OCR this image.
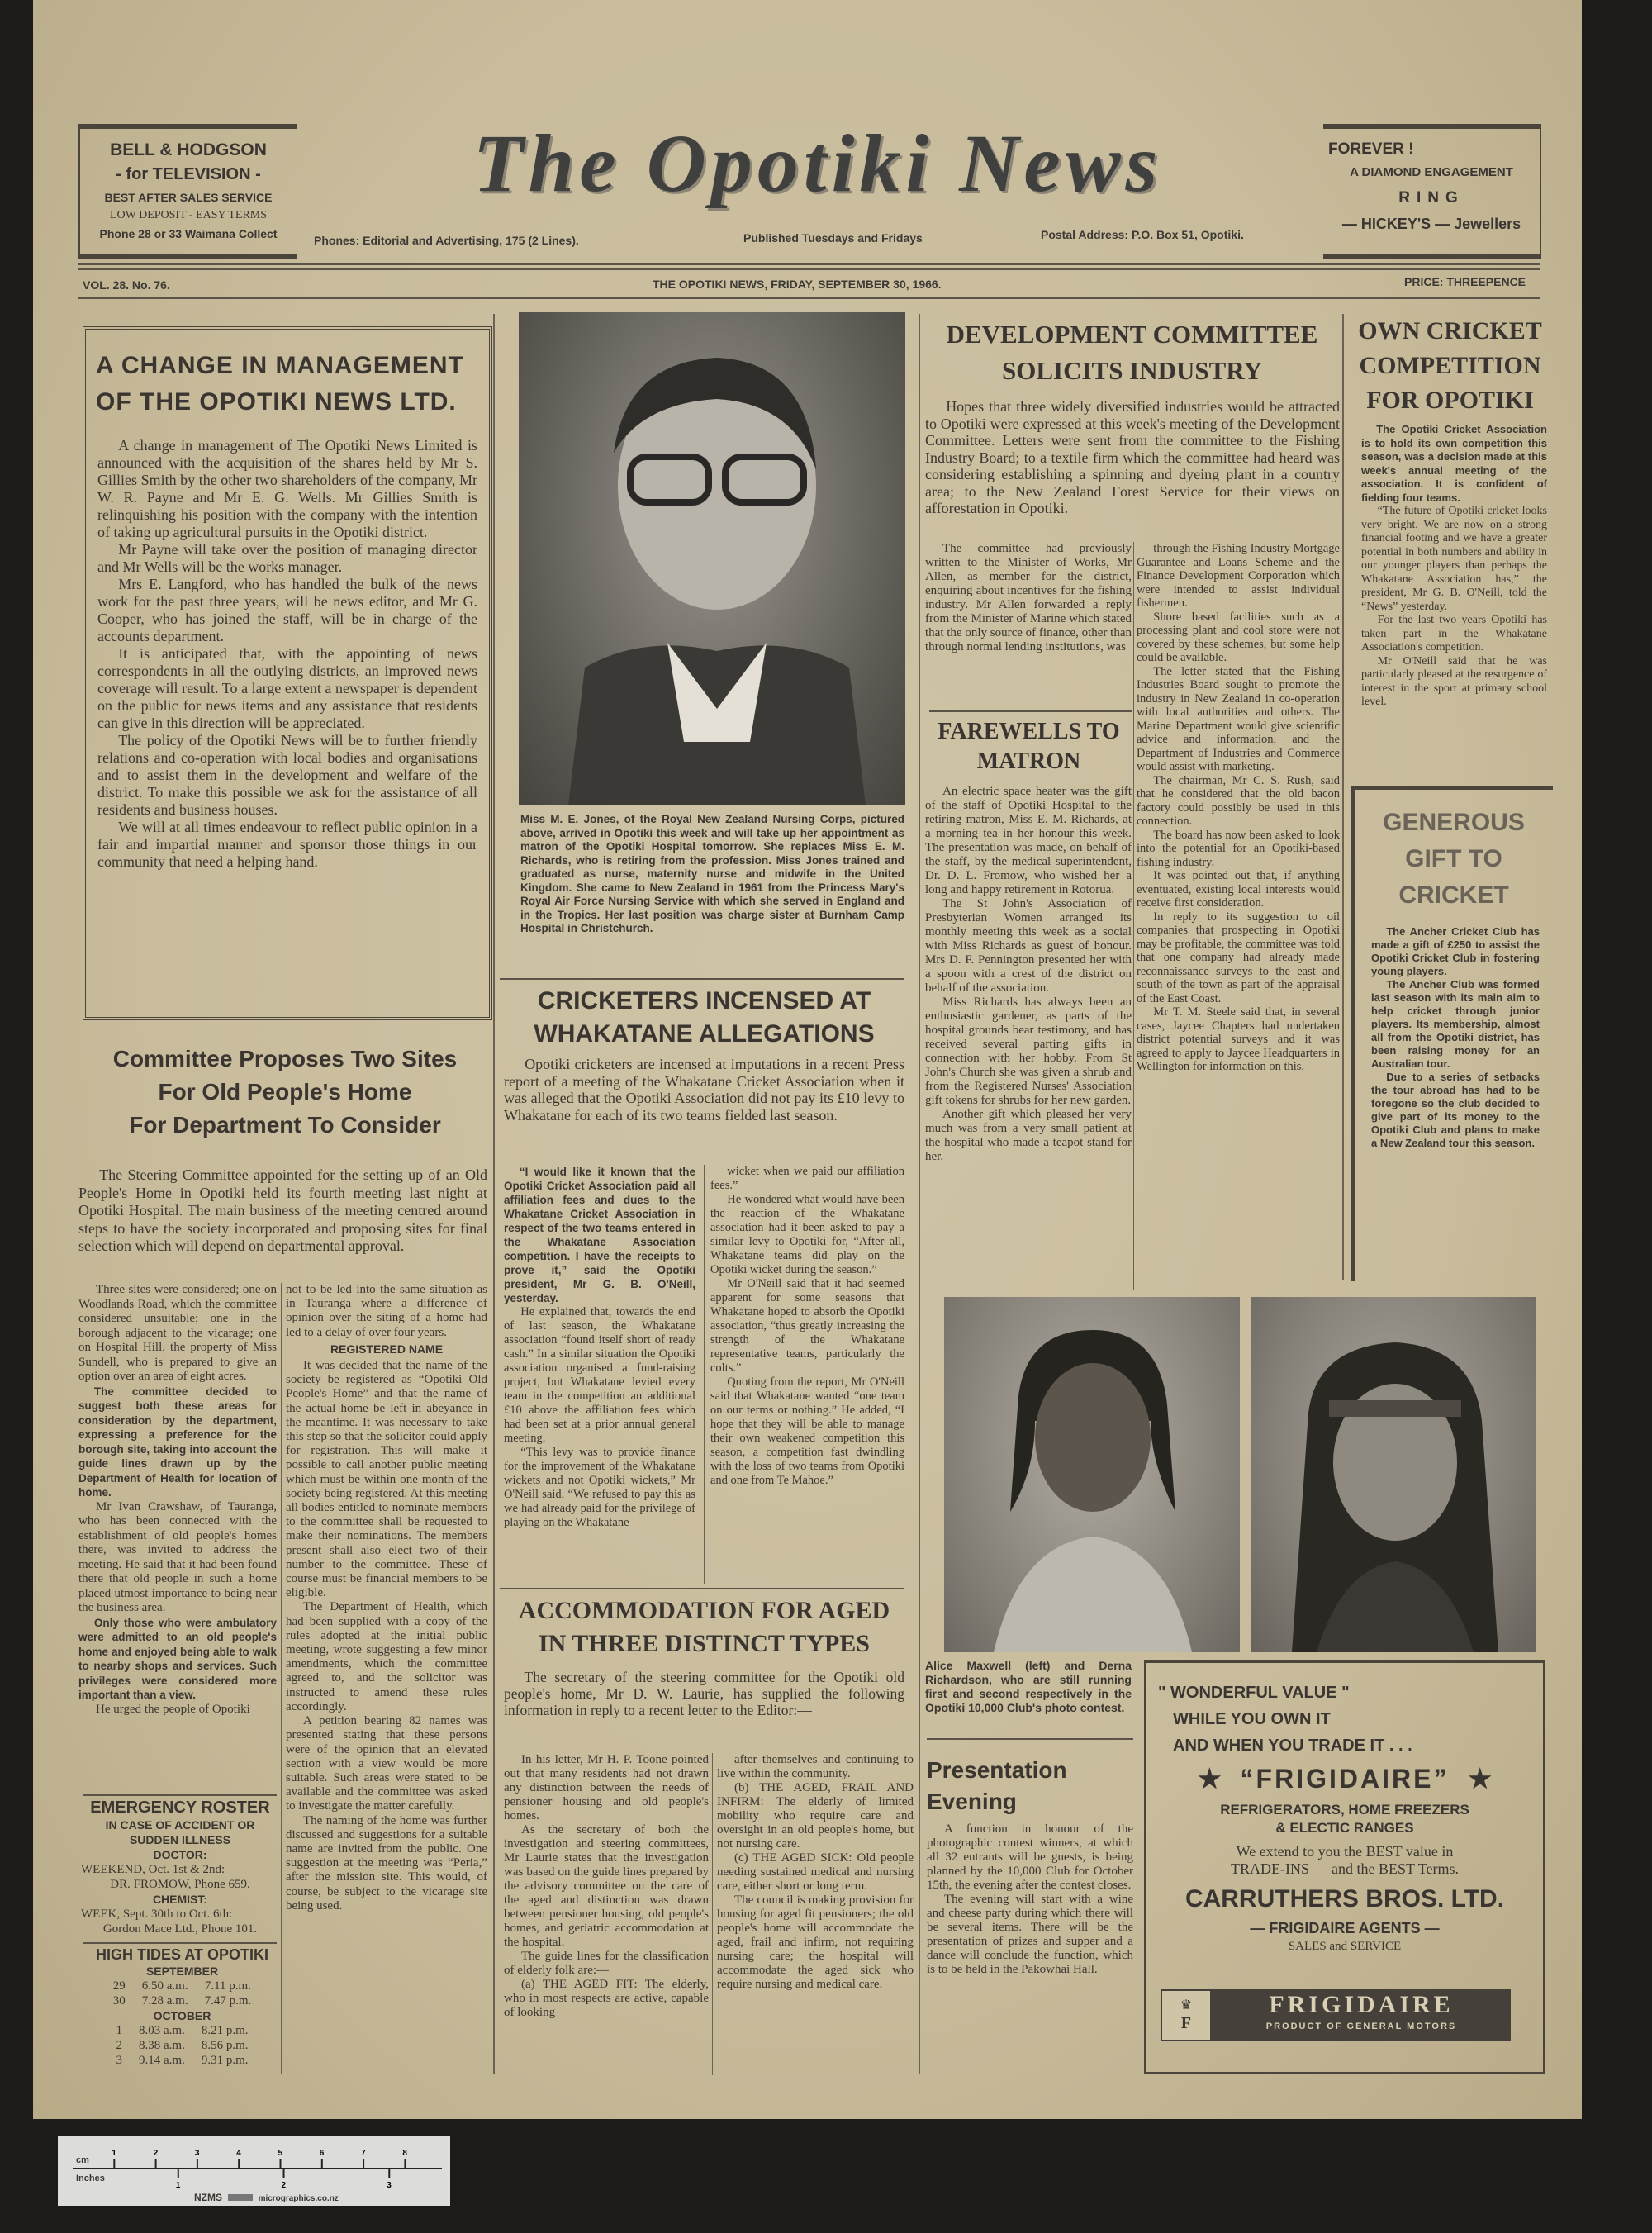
BELL & HODGSON
- for TELEVISION -
BEST AFTER SALES SERVICE
LOW DEPOSIT - EASY TERMS
Phone 28 or 33 Waimana Collect
The Opotiki News
Phones: Editorial and Advertising, 175 (2 Lines).	Published Tuesdays and Fridays	Postal Address: P.O. Box 51, Opotiki.
FOREVER !
A DIAMOND ENGAGEMENT
RING
— HICKEY'S — Jewellers
VOL. 28. No. 76.	THE OPOTIKI NEWS, FRIDAY, SEPTEMBER 30, 1966.	PRICE: THREEPENCE
A CHANGE IN MANAGEMENT OF THE OPOTIKI NEWS LTD.

A change in management of The Opotiki News Limited is announced with the acquisition of the shares held by Mr S. Gillies Smith by the other two shareholders of the company, Mr W. R. Payne and Mr E. G. Wells. Mr Gillies Smith is relinquishing his position with the company with the intention of taking up agricultural pursuits in the Opotiki district.

Mr Payne will take over the position of managing director and Mr Wells will be the works manager.

Mrs E. Langford, who has handled the bulk of the news work for the past three years, will be news editor, and Mr G. Cooper, who has joined the staff, will be in charge of the accounts department.

It is anticipated that, with the appointing of news correspondents in all the outlying districts, an improved news coverage will result. To a large extent a newspaper is dependent on the public for news items and any assistance that residents can give in this direction will be appreciated.

The policy of the Opotiki News will be to further friendly relations and co-operation with local bodies and organisations and to assist them in the development and welfare of the district. To make this possible we ask for the assistance of all residents and business houses.

We will at all times endeavour to reflect public opinion in a fair and impartial manner and sponsor those things in our community that need a helping hand.

Committee Proposes Two Sites
For Old People's Home
For Department To Consider

The Steering Committee appointed for the setting up of an Old People's Home in Opotiki held its fourth meeting last night at Opotiki Hospital. The main business of the meeting centred around steps to have the society incorporated and proposing sites for final selection which will depend on departmental approval.

Three sites were considered; one on Woodlands Road, which the committee considered unsuitable; one in the borough adjacent to the vicarage; one on Hospital Hill, the property of Miss Sundell, who is prepared to give an option over an area of eight acres.

The committee decided to suggest both these areas for consideration by the department, expressing a preference for the borough site, taking into account the guide lines drawn up by the Department of Health for location of home.

Mr Ivan Crawshaw, of Tauranga, who has been connected with the establishment of old people's homes there, was invited to address the meeting. He said that it had been found there that old people in such a home placed utmost importance to being near the business area.

Only those who were ambulatory were admitted to an old people's home and enjoyed being able to walk to nearby shops and services. Such privileges were considered more important than a view.

He urged the people of Opotiki

not to be led into the same situation as in Tauranga where a difference of opinion over the siting of a home had led to a delay of over four years.

REGISTERED NAME

It was decided that the name of the society be registered as “Opotiki Old People's Home” and that the name of the actual home be left in abeyance in the meantime. It was necessary to take this step so that the solicitor could apply for registration. This will make it possible to call another public meeting which must be within one month of the society being registered. At this meeting all bodies entitled to nominate members to the committee shall be requested to make their nominations. The members present shall also elect two of their number to the committee. These of course must be financial members to be eligible.

The Department of Health, which had been supplied with a copy of the rules adopted at the initial public meeting, wrote suggesting a few minor amendments, which the committee agreed to, and the solicitor was instructed to amend these rules accordingly.

A petition bearing 82 names was presented stating that these persons were of the opinion that an elevated section with a view would be more suitable. Such areas were stated to be available and the committee was asked to investigate the matter carefully.

The naming of the home was further discussed and suggestions for a suitable name are invited from the public. One suggestion at the meeting was “Peria,” after the mission site. This would, of course, be subject to the vicarage site being used.

EMERGENCY ROSTER
IN CASE OF ACCIDENT OR SUDDEN ILLNESS
DOCTOR:
WEEKEND, Oct. 1st & 2nd:
DR. FROMOW, Phone 659.
CHEMIST:
WEEK, Sept. 30th to Oct. 6th:
Gordon Mace Ltd., Phone 101.
HIGH TIDES AT OPOTIKI
SEPTEMBER
29	6.50 a.m.	7.11 p.m.
30	7.28 a.m.	7.47 p.m.
OCTOBER
1	8.03 a.m.	8.21 p.m.
2	8.38 a.m.	8.56 p.m.
3	9.14 a.m.	9.31 p.m.
Miss M. E. Jones, of the Royal New Zealand Nursing Corps, pictured above, arrived in Opotiki this week and will take up her appointment as matron of the Opotiki Hospital tomorrow. She replaces Miss E. M. Richards, who is retiring from the profession. Miss Jones trained and graduated as nurse, maternity nurse and midwife in the United Kingdom. She came to New Zealand in 1961 from the Princess Mary's Royal Air Force Nursing Service with which she served in England and in the Tropics. Her last position was charge sister at Burnham Camp Hospital in Christchurch.
CRICKETERS INCENSED AT
WHAKATANE ALLEGATIONS

Opotiki cricketers are incensed at imputations in a recent Press report of a meeting of the Whakatane Cricket Association when it was alleged that the Opotiki Association did not pay its £10 levy to Whakatane for each of its two teams fielded last season.

“I would like it known that the Opotiki Cricket Association paid all affiliation fees and dues to the Whakatane Cricket Association in respect of the two teams entered in the Whakatane Association competition. I have the receipts to prove it,” said the Opotiki president, Mr G. B. O'Neill, yesterday.

He explained that, towards the end of last season, the Whakatane association “found itself short of ready cash.” In a similar situation the Opotiki association organised a fund-raising project, but Whakatane levied every team in the competition an additional £10 above the affiliation fees which had been set at a prior annual general meeting.

“This levy was to provide finance for the improvement of the Whakatane wickets and not Opotiki wickets,” Mr O'Neill said. “We refused to pay this as we had already paid for the privilege of playing on the Whakatane

wicket when we paid our affiliation fees.”

He wondered what would have been the reaction of the Whakatane association had it been asked to pay a similar levy to Opotiki for, “After all, Whakatane teams did play on the Opotiki wicket during the season.”

Mr O'Neill said that it had seemed apparent for some seasons that Whakatane hoped to absorb the Opotiki association, “thus greatly increasing the strength of the Whakatane representative teams, particularly the colts.”

Quoting from the report, Mr O'Neill said that Whakatane wanted “one team on our terms or nothing.” He added, “I hope that they will be able to manage their own weakened competition this season, a competition fast dwindling with the loss of two teams from Opotiki and one from Te Mahoe.”

ACCOMMODATION FOR AGED
IN THREE DISTINCT TYPES

The secretary of the steering committee for the Opotiki old people's home, Mr D. W. Laurie, has supplied the following information in reply to a recent letter to the Editor:—

In his letter, Mr H. P. Toone pointed out that many residents had not drawn any distinction between the needs of pensioner housing and old people's homes.

As the secretary of both the investigation and steering committees, Mr Laurie states that the investigation was based on the guide lines prepared by the advisory committee on the care of the aged and distinction was drawn between pensioner housing, old people's homes, and geriatric accommodation at the hospital.

The guide lines for the classification of elderly folk are:—

(a) THE AGED FIT: The elderly, who in most respects are active, capable of looking

after themselves and continuing to live within the community.

(b) THE AGED, FRAIL AND INFIRM: The elderly of limited mobility who require care and oversight in an old people's home, but not nursing care.

(c) THE AGED SICK: Old people needing sustained medical and nursing care, either short or long term.

The council is making provision for housing for aged fit pensioners; the old people's home will accommodate the aged, frail and infirm, not requiring nursing care; the hospital will accommodate the aged sick who require nursing and medical care.

DEVELOPMENT COMMITTEE
SOLICITS INDUSTRY

Hopes that three widely diversified industries would be attracted to Opotiki were expressed at this week's meeting of the Development Committee. Letters were sent from the committee to the Fishing Industry Board; to a textile firm which the committee had heard was considering establishing a spinning and dyeing plant in a country area; to the New Zealand Forest Service for their views on afforestation in Opotiki.

The committee had previously written to the Minister of Works, Mr Allen, as member for the district, enquiring about incentives for the fishing industry. Mr Allen forwarded a reply from the Minister of Marine which stated that the only source of finance, other than through normal lending institutions, was

FAREWELLS TO
MATRON

An electric space heater was the gift of the staff of Opotiki Hospital to the retiring matron, Miss E. M. Richards, at a morning tea in her honour this week. The presentation was made, on behalf of the staff, by the medical superintendent, Dr. D. L. Fromow, who wished her a long and happy retirement in Rotorua.

The St John's Association of Presbyterian Women arranged its monthly meeting this week as a social with Miss Richards as guest of honour. Mrs D. F. Pennington presented her with a spoon with a crest of the district on behalf of the association.

Miss Richards has always been an enthusiastic gardener, as parts of the hospital grounds bear testimony, and has received several parting gifts in connection with her hobby. From St John's Church she was given a shrub and from the Registered Nurses' Association gift tokens for shrubs for her new garden.

Another gift which pleased her very much was from a very small patient at the hospital who made a teapot stand for her.

through the Fishing Industry Mortgage Guarantee and Loans Scheme and the Finance Development Corporation which were intended to assist individual fishermen.

Shore based facilities such as a processing plant and cool store were not covered by these schemes, but some help could be available.

The letter stated that the Fishing Industries Board sought to promote the industry in New Zealand in co-operation with local authorities and others. The Marine Department would give scientific advice and information, and the Department of Industries and Commerce would assist with marketing.

The chairman, Mr C. S. Rush, said that he considered that the old bacon factory could possibly be used in this connection.

The board has now been asked to look into the potential for an Opotiki-based fishing industry.

It was pointed out that, if anything eventuated, existing local interests would receive first consideration.

In reply to its suggestion to oil companies that prospecting in Opotiki may be profitable, the committee was told that one company had already made reconnaissance surveys to the east and south of the town as part of the appraisal of the East Coast.

Mr T. M. Steele said that, in several cases, Jaycee Chapters had undertaken district potential surveys and it was agreed to apply to Jaycee Headquarters in Wellington for information on this.

Alice Maxwell (left) and Derna Richardson, who are still running first and second respectively in the Opotiki 10,000 Club's photo contest.
Presentation
Evening

A function in honour of the photographic contest winners, at which all 32 entrants will be guests, is being planned by the 10,000 Club for October 15th, the evening after the contest closes.

The evening will start with a wine and cheese party during which there will be several items. There will be the presentation of prizes and supper and a dance will conclude the function, which is to be held in the Pakowhai Hall.

" WONDERFUL VALUE "
WHILE YOU OWN IT
AND WHEN YOU TRADE IT . . .
★ “FRIGIDAIRE” ★
REFRIGERATORS, HOME FREEZERS
& ELECTIC RANGES
We extend to you the BEST value in
TRADE-INS — and the BEST Terms.
CARRUTHERS BROS. LTD.
— FRIGIDAIRE AGENTS —
SALES and SERVICE
♛
F
FRIGIDAIRE
PRODUCT OF GENERAL MOTORS
OWN CRICKET
COMPETITION
FOR OPOTIKI

The Opotiki Cricket Association is to hold its own competition this season, was a decision made at this week's annual meeting of the association. It is confident of fielding four teams.

“The future of Opotiki cricket looks very bright. We are now on a strong financial footing and we have a greater potential in both numbers and ability in our younger players than perhaps the Whakatane Association has,” the president, Mr G. B. O'Neill, told the “News” yesterday.

For the last two years Opotiki has taken part in the Whakatane Association's competition.

Mr O'Neill said that he was particularly pleased at the resurgence of interest in the sport at primary school level.

GENEROUS
GIFT TO
CRICKET

The Ancher Cricket Club has made a gift of £250 to assist the Opotiki Cricket Club in fostering young players.

The Ancher Club was formed last season with its main aim to help cricket through junior players. Its membership, almost all from the Opotiki district, has been raising money for an Australian tour.

Due to a series of setbacks the tour abroad has had to be foregone so the club decided to give part of its money to the Opotiki Club and plans to make a New Zealand tour this season.

1	2	3	4	5	6	7	8
1	2	3
cm
Inches
NZMS	micrographics.co.nz
